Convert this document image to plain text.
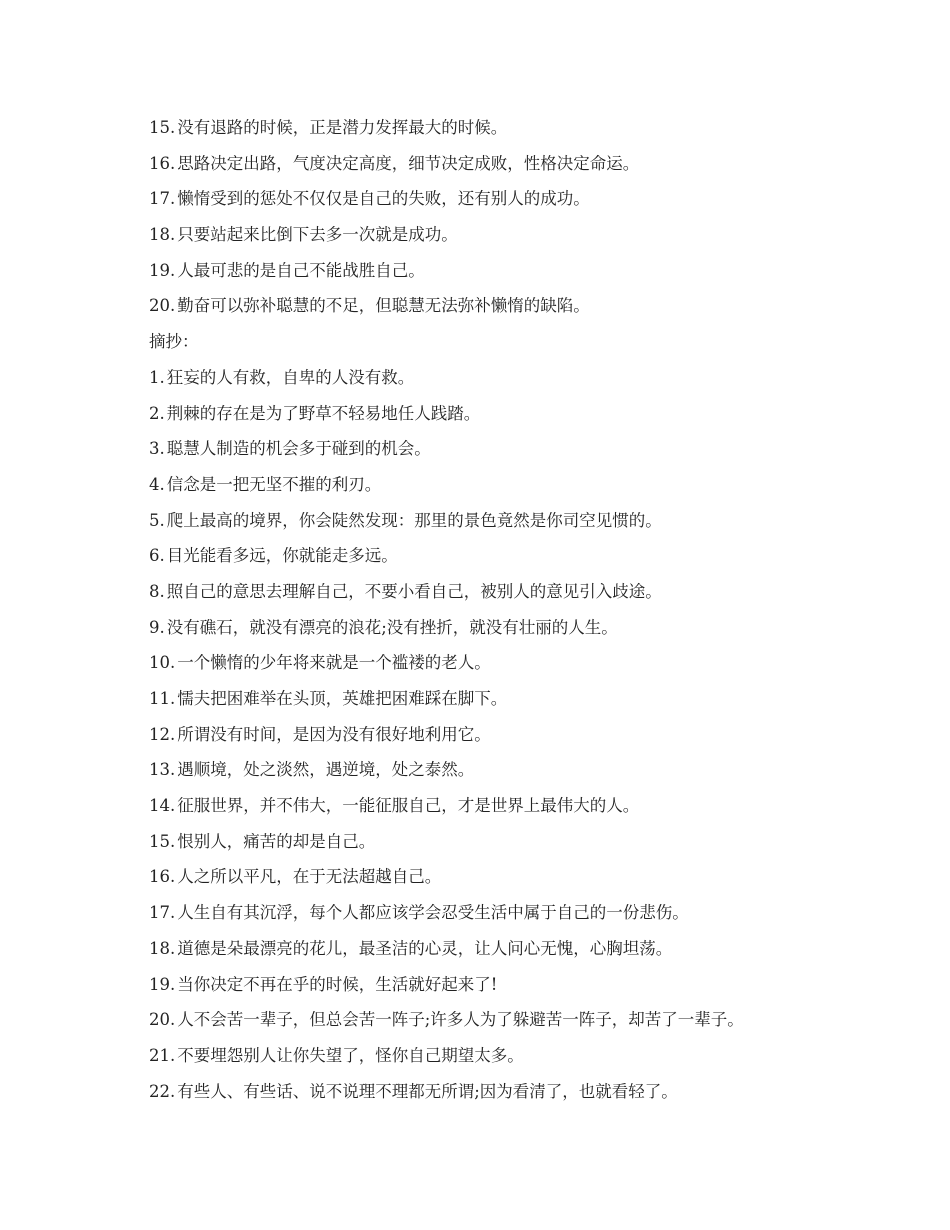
15. 没有退路的时候，正是潜力发挥最大的时候。
16. 思路决定出路，气度决定高度，细节决定成败，性格决定命运。
17. 懒惰受到的惩处不仅仅是自己的失败，还有别人的成功。
18. 只要站起来比倒下去多一次就是成功。
19. 人最可悲的是自己不能战胜自己。
20. 勤奋可以弥补聪慧的不足，但聪慧无法弥补懒惰的缺陷。
摘抄：
1. 狂妄的人有救，自卑的人没有救。
2. 荆棘的存在是为了野草不轻易地任人践踏。
3. 聪慧人制造的机会多于碰到的机会。
4. 信念是一把无坚不摧的利刃。
5. 爬上最高的境界，你会陡然发现：那里的景色竟然是你司空见惯的。
6. 目光能看多远，你就能走多远。
8. 照自己的意思去理解自己，不要小看自己，被别人的意见引入歧途。
9. 没有礁石，就没有漂亮的浪花;没有挫折，就没有壮丽的人生。
10. 一个懒惰的少年将来就是一个褴褛的老人。
11. 懦夫把困难举在头顶，英雄把困难踩在脚下。
12. 所谓没有时间，是因为没有很好地利用它。
13. 遇顺境，处之淡然，遇逆境，处之泰然。
14. 征服世界，并不伟大，一能征服自己，才是世界上最伟大的人。
15. 恨别人，痛苦的却是自己。
16. 人之所以平凡，在于无法超越自己。
17. 人生自有其沉浮，每个人都应该学会忍受生活中属于自己的一份悲伤。
18. 道德是朵最漂亮的花儿，最圣洁的心灵，让人问心无愧，心胸坦荡。
19. 当你决定不再在乎的时候，生活就好起来了!
20. 人不会苦一辈子，但总会苦一阵子;许多人为了躲避苦一阵子，却苦了一辈子。
21. 不要埋怨别人让你失望了，怪你自己期望太多。
22. 有些人、有些话、说不说理不理都无所谓;因为看清了，也就看轻了。
